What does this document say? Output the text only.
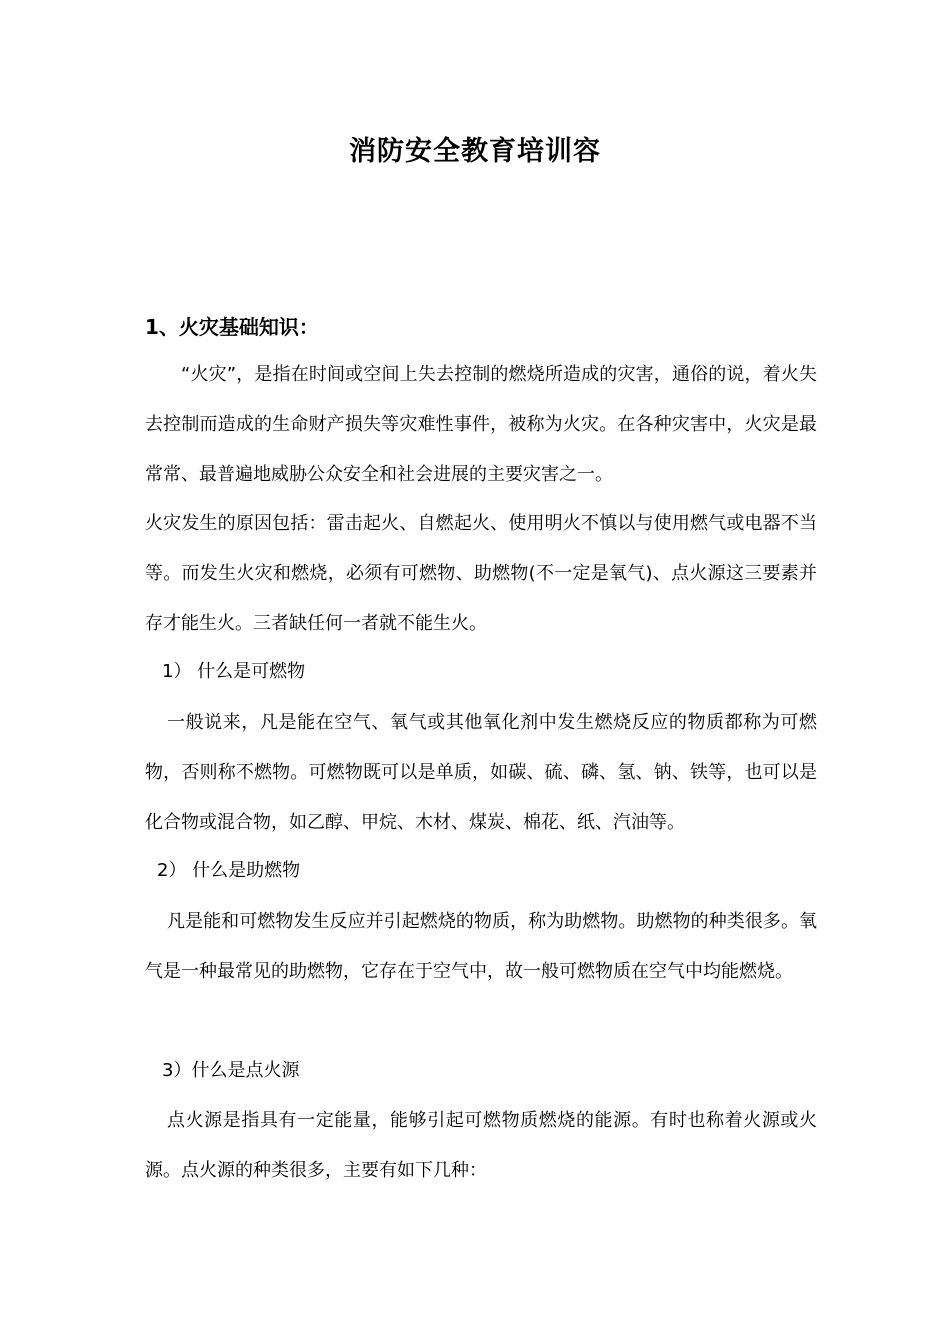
消防安全教育培训容
1、火灾基础知识：
“火灾”，是指在时间或空间上失去控制的燃烧所造成的灾害，通俗的说，着火失去控制而造成的生命财产损失等灾难性事件，被称为火灾。在各种灾害中，火灾是最常常、最普遍地威胁公众安全和社会进展的主要灾害之一。
火灾发生的原因包括：雷击起火、自燃起火、使用明火不慎以与使用燃气或电器不当等。而发生火灾和燃烧，必须有可燃物、助燃物(不一定是氧气)、点火源这三要素并存才能生火。三者缺任何一者就不能生火。
1） 什么是可燃物
一般说来，凡是能在空气、氧气或其他氧化剂中发生燃烧反应的物质都称为可燃物，否则称不燃物。可燃物既可以是单质，如碳、硫、磷、氢、钠、铁等，也可以是化合物或混合物，如乙醇、甲烷、木材、煤炭、棉花、纸、汽油等。
2） 什么是助燃物
凡是能和可燃物发生反应并引起燃烧的物质，称为助燃物。助燃物的种类很多。氧气是一种最常见的助燃物，它存在于空气中，故一般可燃物质在空气中均能燃烧。
3）什么是点火源
点火源是指具有一定能量，能够引起可燃物质燃烧的能源。有时也称着火源或火源。点火源的种类很多，主要有如下几种：
